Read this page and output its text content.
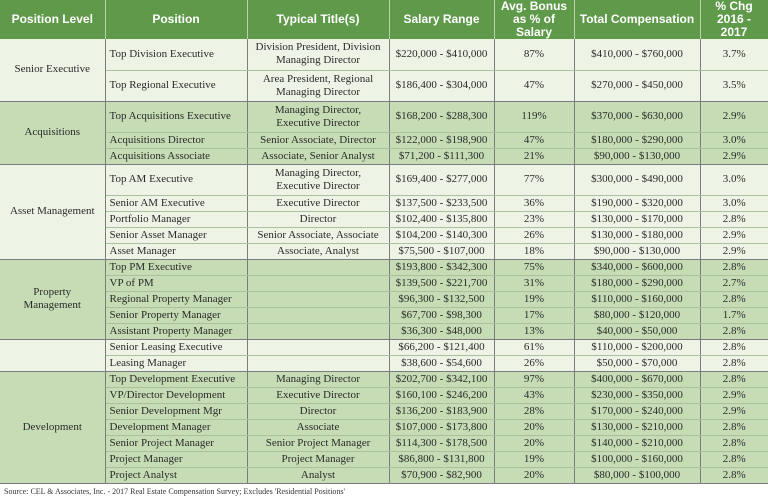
Position Level	Position	Typical Title(s)	Salary Range	Avg. Bonus as % of Salary	Total Compensation	% Chg 2016 - 2017
Senior Executive	Top Division Executive	Division President, Division Managing Director	$220,000 - $410,000	87%	$410,000 - $760,000	3.7%
	Top Regional Executive	Area President, Regional Managing Director	$186,400 - $304,000	47%	$270,000 - $450,000	3.5%
Acquisitions	Top Acquisitions Executive	Managing Director, Executive Director	$168,200 - $288,300	119%	$370,000 - $630,000	2.9%
	Acquisitions Director	Senior Associate, Director	$122,000 - $198,900	47%	$180,000 - $290,000	3.0%
	Acquisitions Associate	Associate, Senior Analyst	$71,200 - $111,300	21%	$90,000 - $130,000	2.9%
Asset Management	Top AM Executive	Managing Director, Executive Director	$169,400 - $277,000	77%	$300,000 - $490,000	3.0%
	Senior AM Executive	Executive Director	$137,500 - $233,500	36%	$190,000 - $320,000	3.0%
	Portfolio Manager	Director	$102,400 - $135,800	23%	$130,000 - $170,000	2.8%
	Senior Asset Manager	Senior Associate, Associate	$104,200 - $140,300	26%	$130,000 - $180,000	2.9%
	Asset Manager	Associate, Analyst	$75,500 - $107,000	18%	$90,000 - $130,000	2.9%
Property Management	Top PM Executive		$193,800 - $342,300	75%	$340,000 - $600,000	2.8%
	VP of PM		$139,500 - $221,700	31%	$180,000 - $290,000	2.7%
	Regional Property Manager		$96,300 - $132,500	19%	$110,000 - $160,000	2.8%
	Senior Property Manager		$67,700 - $98,300	17%	$80,000 - $120,000	1.7%
	Assistant Property Manager		$36,300 - $48,000	13%	$40,000 - $50,000	2.8%
	Senior Leasing Executive		$66,200 - $121,400	61%	$110,000 - $200,000	2.8%
	Leasing Manager		$38,600 - $54,600	26%	$50,000 - $70,000	2.8%
Development	Top Development Executive	Managing Director	$202,700 - $342,100	97%	$400,000 - $670,000	2.8%
	VP/Director Development	Executive Director	$160,100 - $246,200	43%	$230,000 - $350,000	2.9%
	Senior Development Mgr	Director	$136,200 - $183,900	28%	$170,000 - $240,000	2.9%
	Development Manager	Associate	$107,000 - $173,800	20%	$130,000 - $210,000	2.8%
	Senior Project Manager	Senior Project Manager	$114,300 - $178,500	20%	$140,000 - $210,000	2.8%
	Project Manager	Project Manager	$86,800 - $131,800	19%	$100,000 - $160,000	2.8%
	Project Analyst	Analyst	$70,900 - $82,900	20%	$80,000 - $100,000	2.8%
Source: CEL & Associates, Inc. - 2017 Real Estate Compensation Survey; Excludes 'Residential Positions'
